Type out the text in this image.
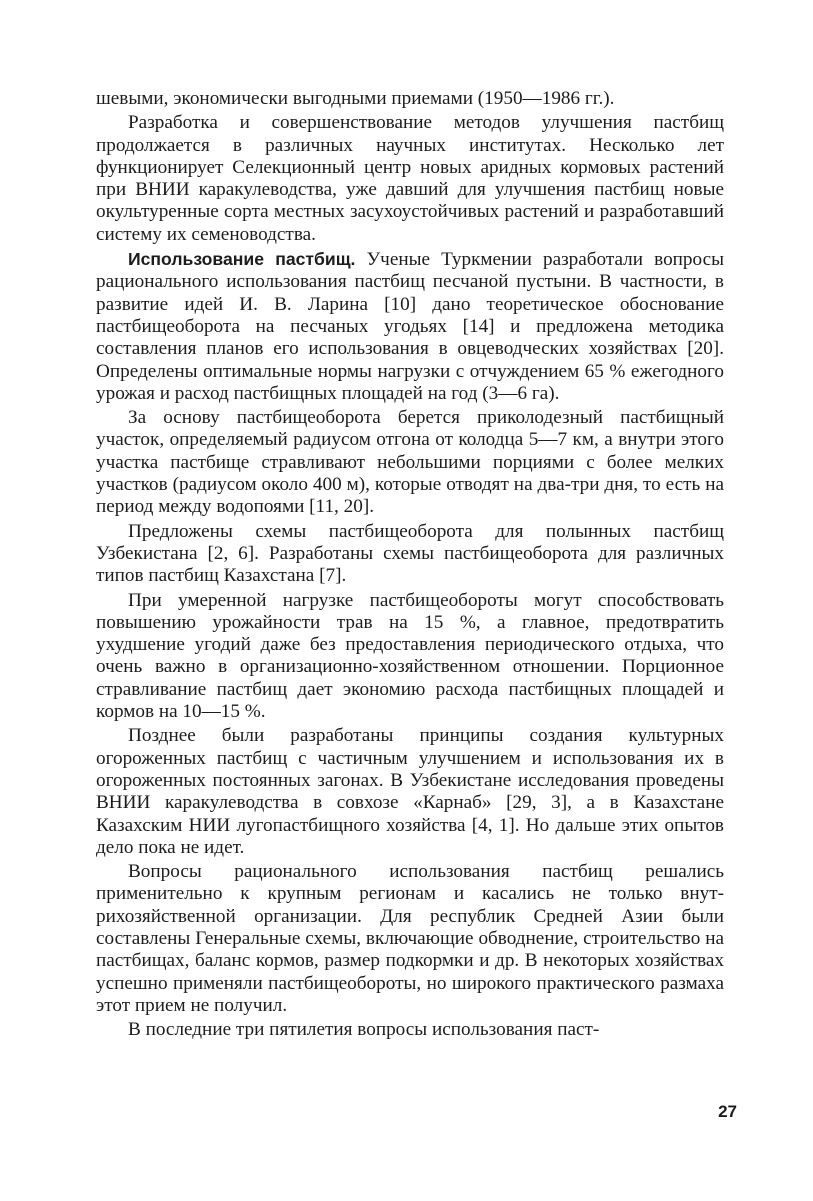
шевыми, экономически выгодными приемами (1950—1986 гг.).

Разработка и совершенствование методов улучшения пастбищ продолжается в различных научных институтах. Несколько лет функционирует Селекционный центр новых аридных кормовых растений при ВНИИ каракулеводства, уже давший для улучшения пастбищ новые окультуренные сорта местных засухоустойчивых растений и разработавший систему их семеноводства.

Использование пастбищ. Ученые Туркмении разработали вопросы рационального использования пастбищ песчаной пустыни. В частности, в развитие идей И. В. Ларина [10] дано теоретическое обоснование пастбищеоборота на песчаных угодьях [14] и предложена методика составления планов его использования в овцеводческих хозяйствах [20]. Определены оптимальные нормы нагрузки с отчуждением 65 % ежегодного урожая и расход пастбищных площадей на год (3—6 га).

За основу пастбищеоборота берется приколодезный пастбищный участок, определяемый радиусом отгона от колодца 5—7 км, а внутри этого участка пастбище стравливают небольшими порциями с более мелких участков (радиусом около 400 м), которые отводят на два-три дня, то есть на период между водопоями [11, 20].

Предложены схемы пастбищеоборота для полынных пастбищ Узбекистана [2, 6]. Разработаны схемы пастбищеоборота для различных типов пастбищ Казахстана [7].

При умеренной нагрузке пастбищеобороты могут способствовать повышению урожайности трав на 15 %, а главное, предотвратить ухудшение угодий даже без предоставления периодического отдыха, что очень важно в организационно-хозяйственном отношении. Порционное стравливание пастбищ дает экономию расхода пастбищных площадей и кормов на 10—15 %.

Позднее были разработаны принципы создания культурных огороженных пастбищ с частичным улучшением и использования их в огороженных постоянных загонах. В Узбекистане исследования проведены ВНИИ каракулеводства в совхозе «Карнаб» [29, 3], а в Казахстане Казахским НИИ лугопастбищного хозяйства [4, 1]. Но дальше этих опытов дело пока не идет.

Вопросы рационального использования пастбищ решались применительно к крупным регионам и касались не только внутрихозяйственной организации. Для республик Средней Азии были составлены Генеральные схемы, включающие обводнение, строительство на пастбищах, баланс кормов, размер подкормки и др. В некоторых хозяйствах успешно применяли пастбищеобороты, но широкого практического размаха этот прием не получил.

В последние три пятилетия вопросы использования паст-

27
